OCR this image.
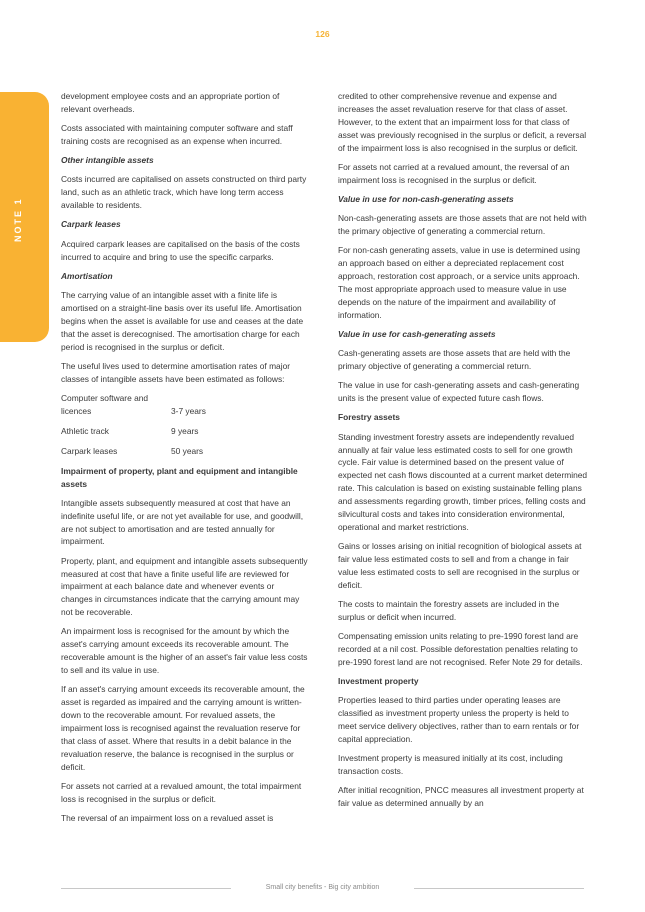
126
NOTE 1

development employee costs and an appropriate portion of relevant overheads.

Costs associated with maintaining computer software and staff training costs are recognised as an expense when incurred.

Other intangible assets

Costs incurred are capitalised on assets constructed on third party land, such as an athletic track, which have long term access available to residents.

Carpark leases

Acquired carpark leases are capitalised on the basis of the costs incurred to acquire and bring to use the specific carparks.

Amortisation

The carrying value of an intangible asset with a finite life is amortised on a straight-line basis over its useful life. Amortisation begins when the asset is available for use and ceases at the date that the asset is derecognised. The amortisation charge for each period is recognised in the surplus or deficit.

The useful lives used to determine amortisation rates of major classes of intangible assets have been estimated as follows:

Computer software and licences	3-7 years
Athletic track	9 years
Carpark leases	50 years
Impairment of property, plant and equipment and intangible assets

Intangible assets subsequently measured at cost that have an indefinite useful life, or are not yet available for use, and goodwill, are not subject to amortisation and are tested annually for impairment.

Property, plant, and equipment and intangible assets subsequently measured at cost that have a finite useful life are reviewed for impairment at each balance date and whenever events or changes in circumstances indicate that the carrying amount may not be recoverable.

An impairment loss is recognised for the amount by which the asset's carrying amount exceeds its recoverable amount. The recoverable amount is the higher of an asset's fair value less costs to sell and its value in use.

If an asset's carrying amount exceeds its recoverable amount, the asset is regarded as impaired and the carrying amount is written-down to the recoverable amount. For revalued assets, the impairment loss is recognised against the revaluation reserve for that class of asset. Where that results in a debit balance in the revaluation reserve, the balance is recognised in the surplus or deficit.

For assets not carried at a revalued amount, the total impairment loss is recognised in the surplus or deficit.

The reversal of an impairment loss on a revalued asset is

credited to other comprehensive revenue and expense and increases the asset revaluation reserve for that class of asset. However, to the extent that an impairment loss for that class of asset was previously recognised in the surplus or deficit, a reversal of the impairment loss is also recognised in the surplus or deficit.

For assets not carried at a revalued amount, the reversal of an impairment loss is recognised in the surplus or deficit.

Value in use for non-cash-generating assets

Non-cash-generating assets are those assets that are not held with the primary objective of generating a commercial return.

For non-cash generating assets, value in use is determined using an approach based on either a depreciated replacement cost approach, restoration cost approach, or a service units approach. The most appropriate approach used to measure value in use depends on the nature of the impairment and availability of information.

Value in use for cash-generating assets

Cash-generating assets are those assets that are held with the primary objective of generating a commercial return.

The value in use for cash-generating assets and cash-generating units is the present value of expected future cash flows.

Forestry assets

Standing investment forestry assets are independently revalued annually at fair value less estimated costs to sell for one growth cycle. Fair value is determined based on the present value of expected net cash flows discounted at a current market determined rate. This calculation is based on existing sustainable felling plans and assessments regarding growth, timber prices, felling costs and silvicultural costs and takes into consideration environmental, operational and market restrictions.

Gains or losses arising on initial recognition of biological assets at fair value less estimated costs to sell and from a change in fair value less estimated costs to sell are recognised in the surplus or deficit.

The costs to maintain the forestry assets are included in the surplus or deficit when incurred.

Compensating emission units relating to pre-1990 forest land are recorded at a nil cost. Possible deforestation penalties relating to pre-1990 forest land are not recognised. Refer Note 29 for details.

Investment property

Properties leased to third parties under operating leases are classified as investment property unless the property is held to meet service delivery objectives, rather than to earn rentals or for capital appreciation.

Investment property is measured initially at its cost, including transaction costs.

After initial recognition, PNCC measures all investment property at fair value as determined annually by an

Small city benefits - Big city ambition
